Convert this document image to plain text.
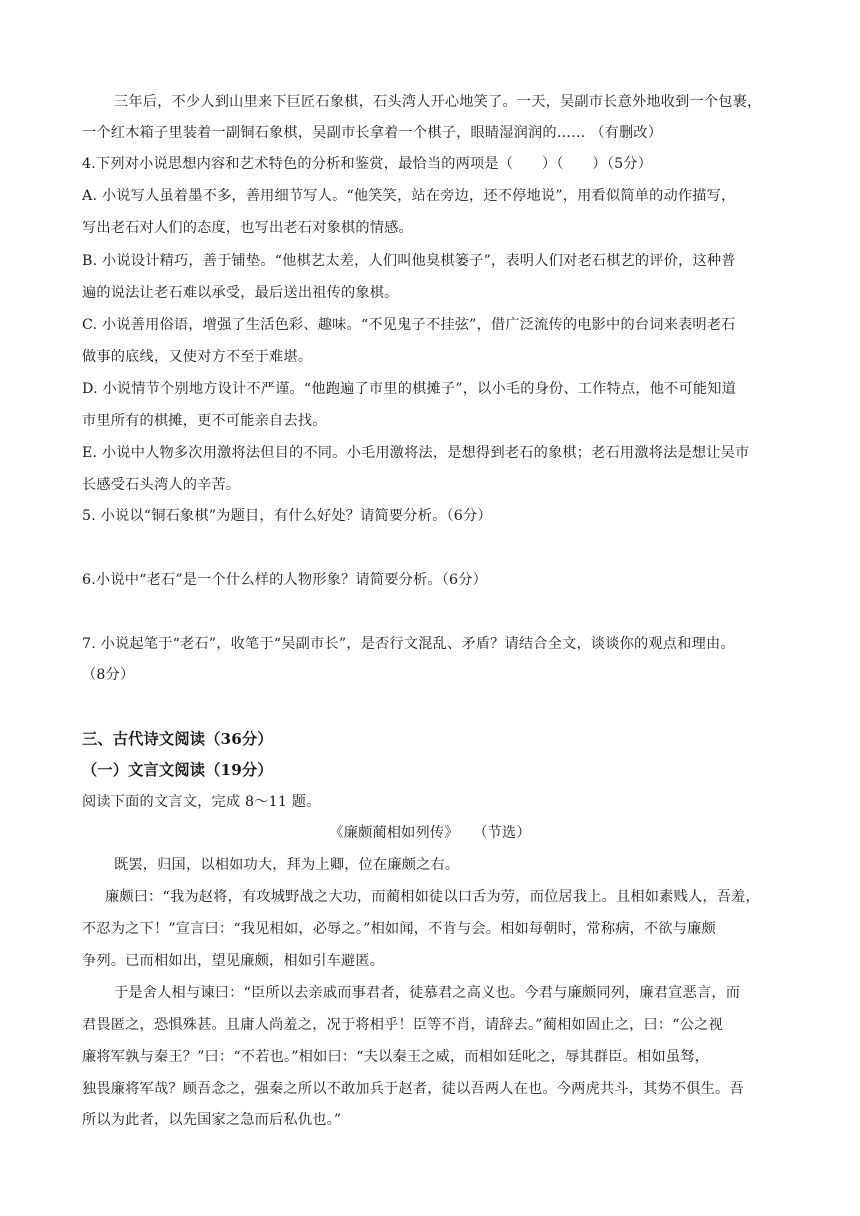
三年后，不少人到山里来下巨匠石象棋，石头湾人开心地笑了。一天，吴副市长意外地收到一个包裹，
一个红木箱子里装着一副铜石象棋，吴副市长拿着一个棋子，眼睛湿润润的…… （有删改）
4.下列对小说思想内容和艺术特色的分析和鉴赏，最恰当的两项是（　　）（　　）（5分）
A. 小说写人虽着墨不多，善用细节写人。“他笑笑，站在旁边，还不停地说”，用看似简单的动作描写，
写出老石对人们的态度，也写出老石对象棋的情感。
B. 小说设计精巧，善于铺垫。“他棋艺太差，人们叫他臭棋篓子”，表明人们对老石棋艺的评价，这种普
遍的说法让老石难以承受，最后送出祖传的象棋。
C. 小说善用俗语，增强了生活色彩、趣味。“不见鬼子不挂弦”，借广泛流传的电影中的台词来表明老石
做事的底线，又使对方不至于难堪。
D. 小说情节个别地方设计不严谨。“他跑遍了市里的棋摊子”，以小毛的身份、工作特点，他不可能知道
市里所有的棋摊，更不可能亲自去找。
E. 小说中人物多次用激将法但目的不同。小毛用激将法，是想得到老石的象棋；老石用激将法是想让吴市
长感受石头湾人的辛苦。
5. 小说以“铜石象棋”为题目，有什么好处？请简要分析。（6分）
6.小说中“老石”是一个什么样的人物形象？请简要分析。（6分）
7. 小说起笔于“老石”，收笔于“吴副市长”，是否行文混乱、矛盾？请结合全文，谈谈你的观点和理由。
（8分）
三、古代诗文阅读（36分）
（一）文言文阅读（19分）
阅读下面的文言文，完成 8～11 题。
《廉颇蔺相如列传》　　（节选）
既罢，归国，以相如功大，拜为上卿，位在廉颇之右。
廉颇曰：“我为赵将，有攻城野战之大功，而蔺相如徒以口舌为劳，而位居我上。且相如素贱人，吾羞，
不忍为之下！”宣言曰：“我见相如，必辱之。”相如闻，不肯与会。相如每朝时，常称病，不欲与廉颇
争列。已而相如出，望见廉颇，相如引车避匿。
于是舍人相与谏曰：“臣所以去亲戚而事君者，徒慕君之高义也。今君与廉颇同列，廉君宣恶言，而
君畏匿之，恐惧殊甚。且庸人尚羞之，况于将相乎！臣等不肖，请辞去。”蔺相如固止之，曰：“公之视
廉将军孰与秦王？”曰：“不若也。”相如曰：“夫以秦王之威，而相如廷叱之，辱其群臣。相如虽驽，
独畏廉将军哉？顾吾念之，强秦之所以不敢加兵于赵者，徒以吾两人在也。今两虎共斗，其势不俱生。吾
所以为此者，以先国家之急而后私仇也。”
